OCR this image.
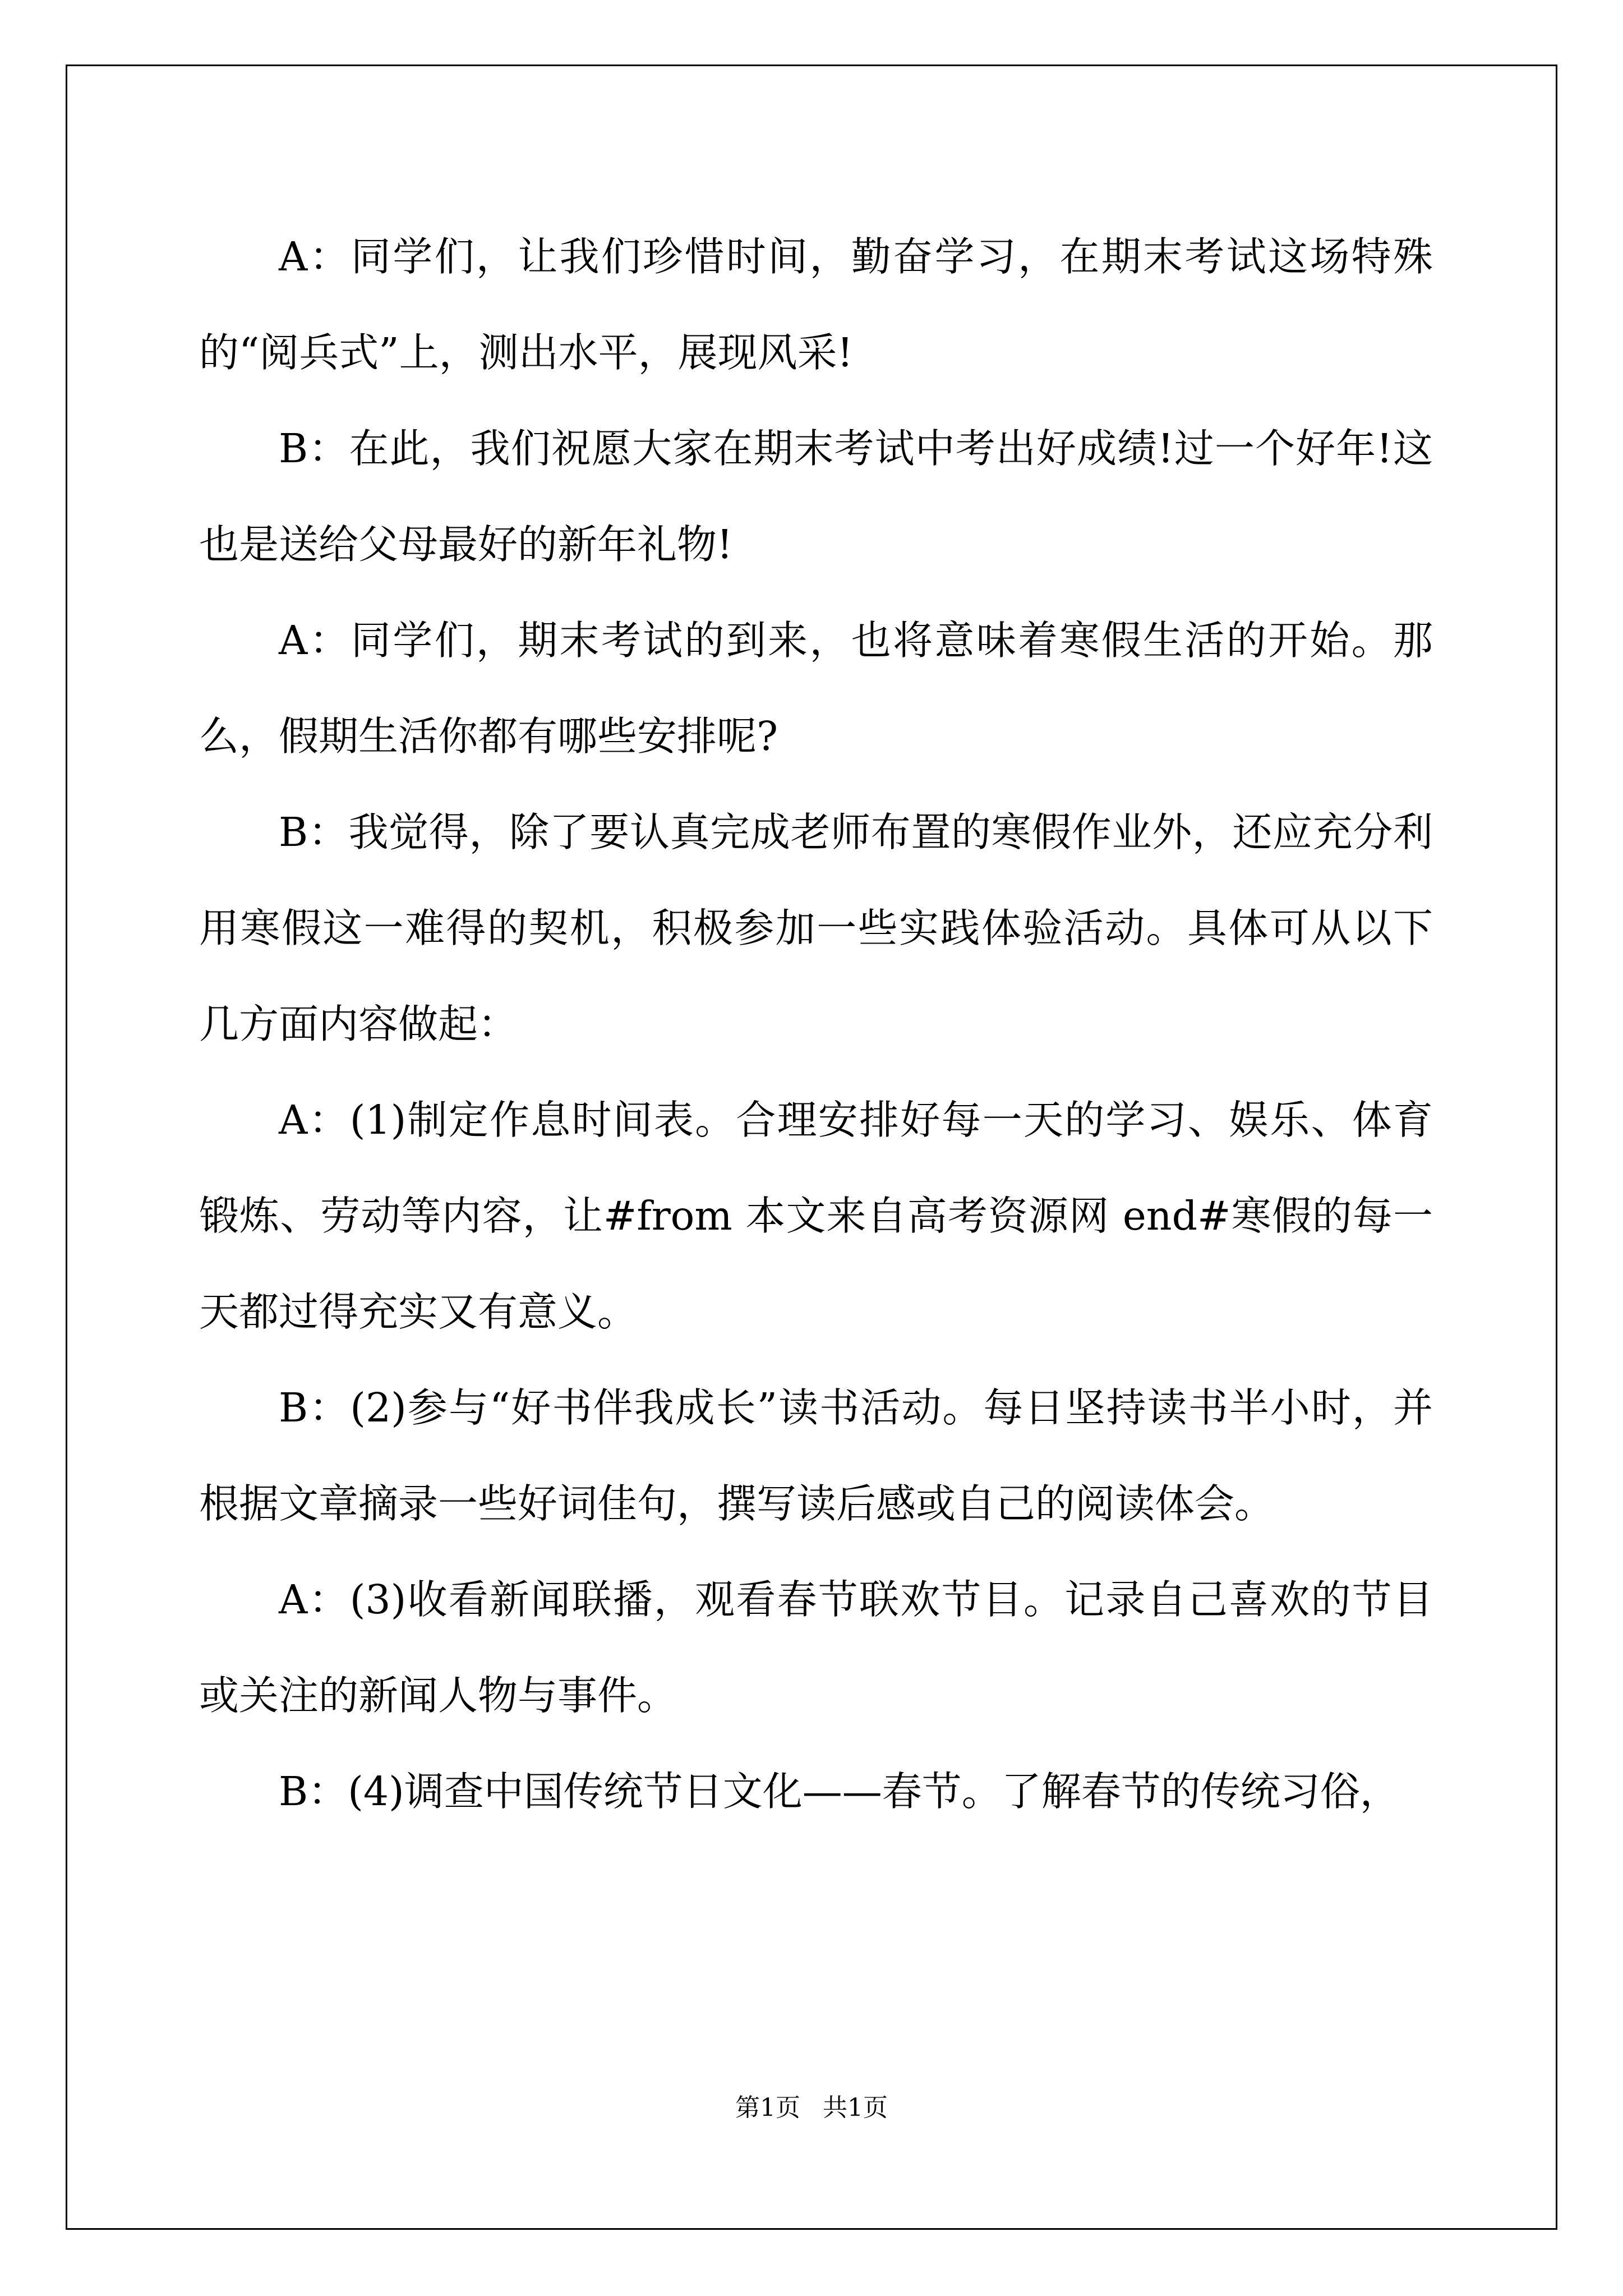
A：同学们，让我们珍惜时间，勤奋学习，在期末考试这场特殊的“阅兵式”上，测出水平，展现风采!

B：在此，我们祝愿大家在期末考试中考出好成绩!过一个好年!这也是送给父母最好的新年礼物!

A：同学们，期末考试的到来，也将意味着寒假生活的开始。那么，假期生活你都有哪些安排呢?

B：我觉得，除了要认真完成老师布置的寒假作业外，还应充分利用寒假这一难得的契机，积极参加一些实践体验活动。具体可从以下几方面内容做起：

A：(1)制定作息时间表。合理安排好每一天的学习、娱乐、体育锻炼、劳动等内容，让#from 本文来自高考资源网 end#寒假的每一天都过得充实又有意义。

B：(2)参与“好书伴我成长”读书活动。每日坚持读书半小时，并根据文章摘录一些好词佳句，撰写读后感或自己的阅读体会。

A：(3)收看新闻联播，观看春节联欢节目。记录自己喜欢的节目或关注的新闻人物与事件。

B：(4)调查中国传统节日文化——春节。了解春节的传统习俗，

第1页 共1页
